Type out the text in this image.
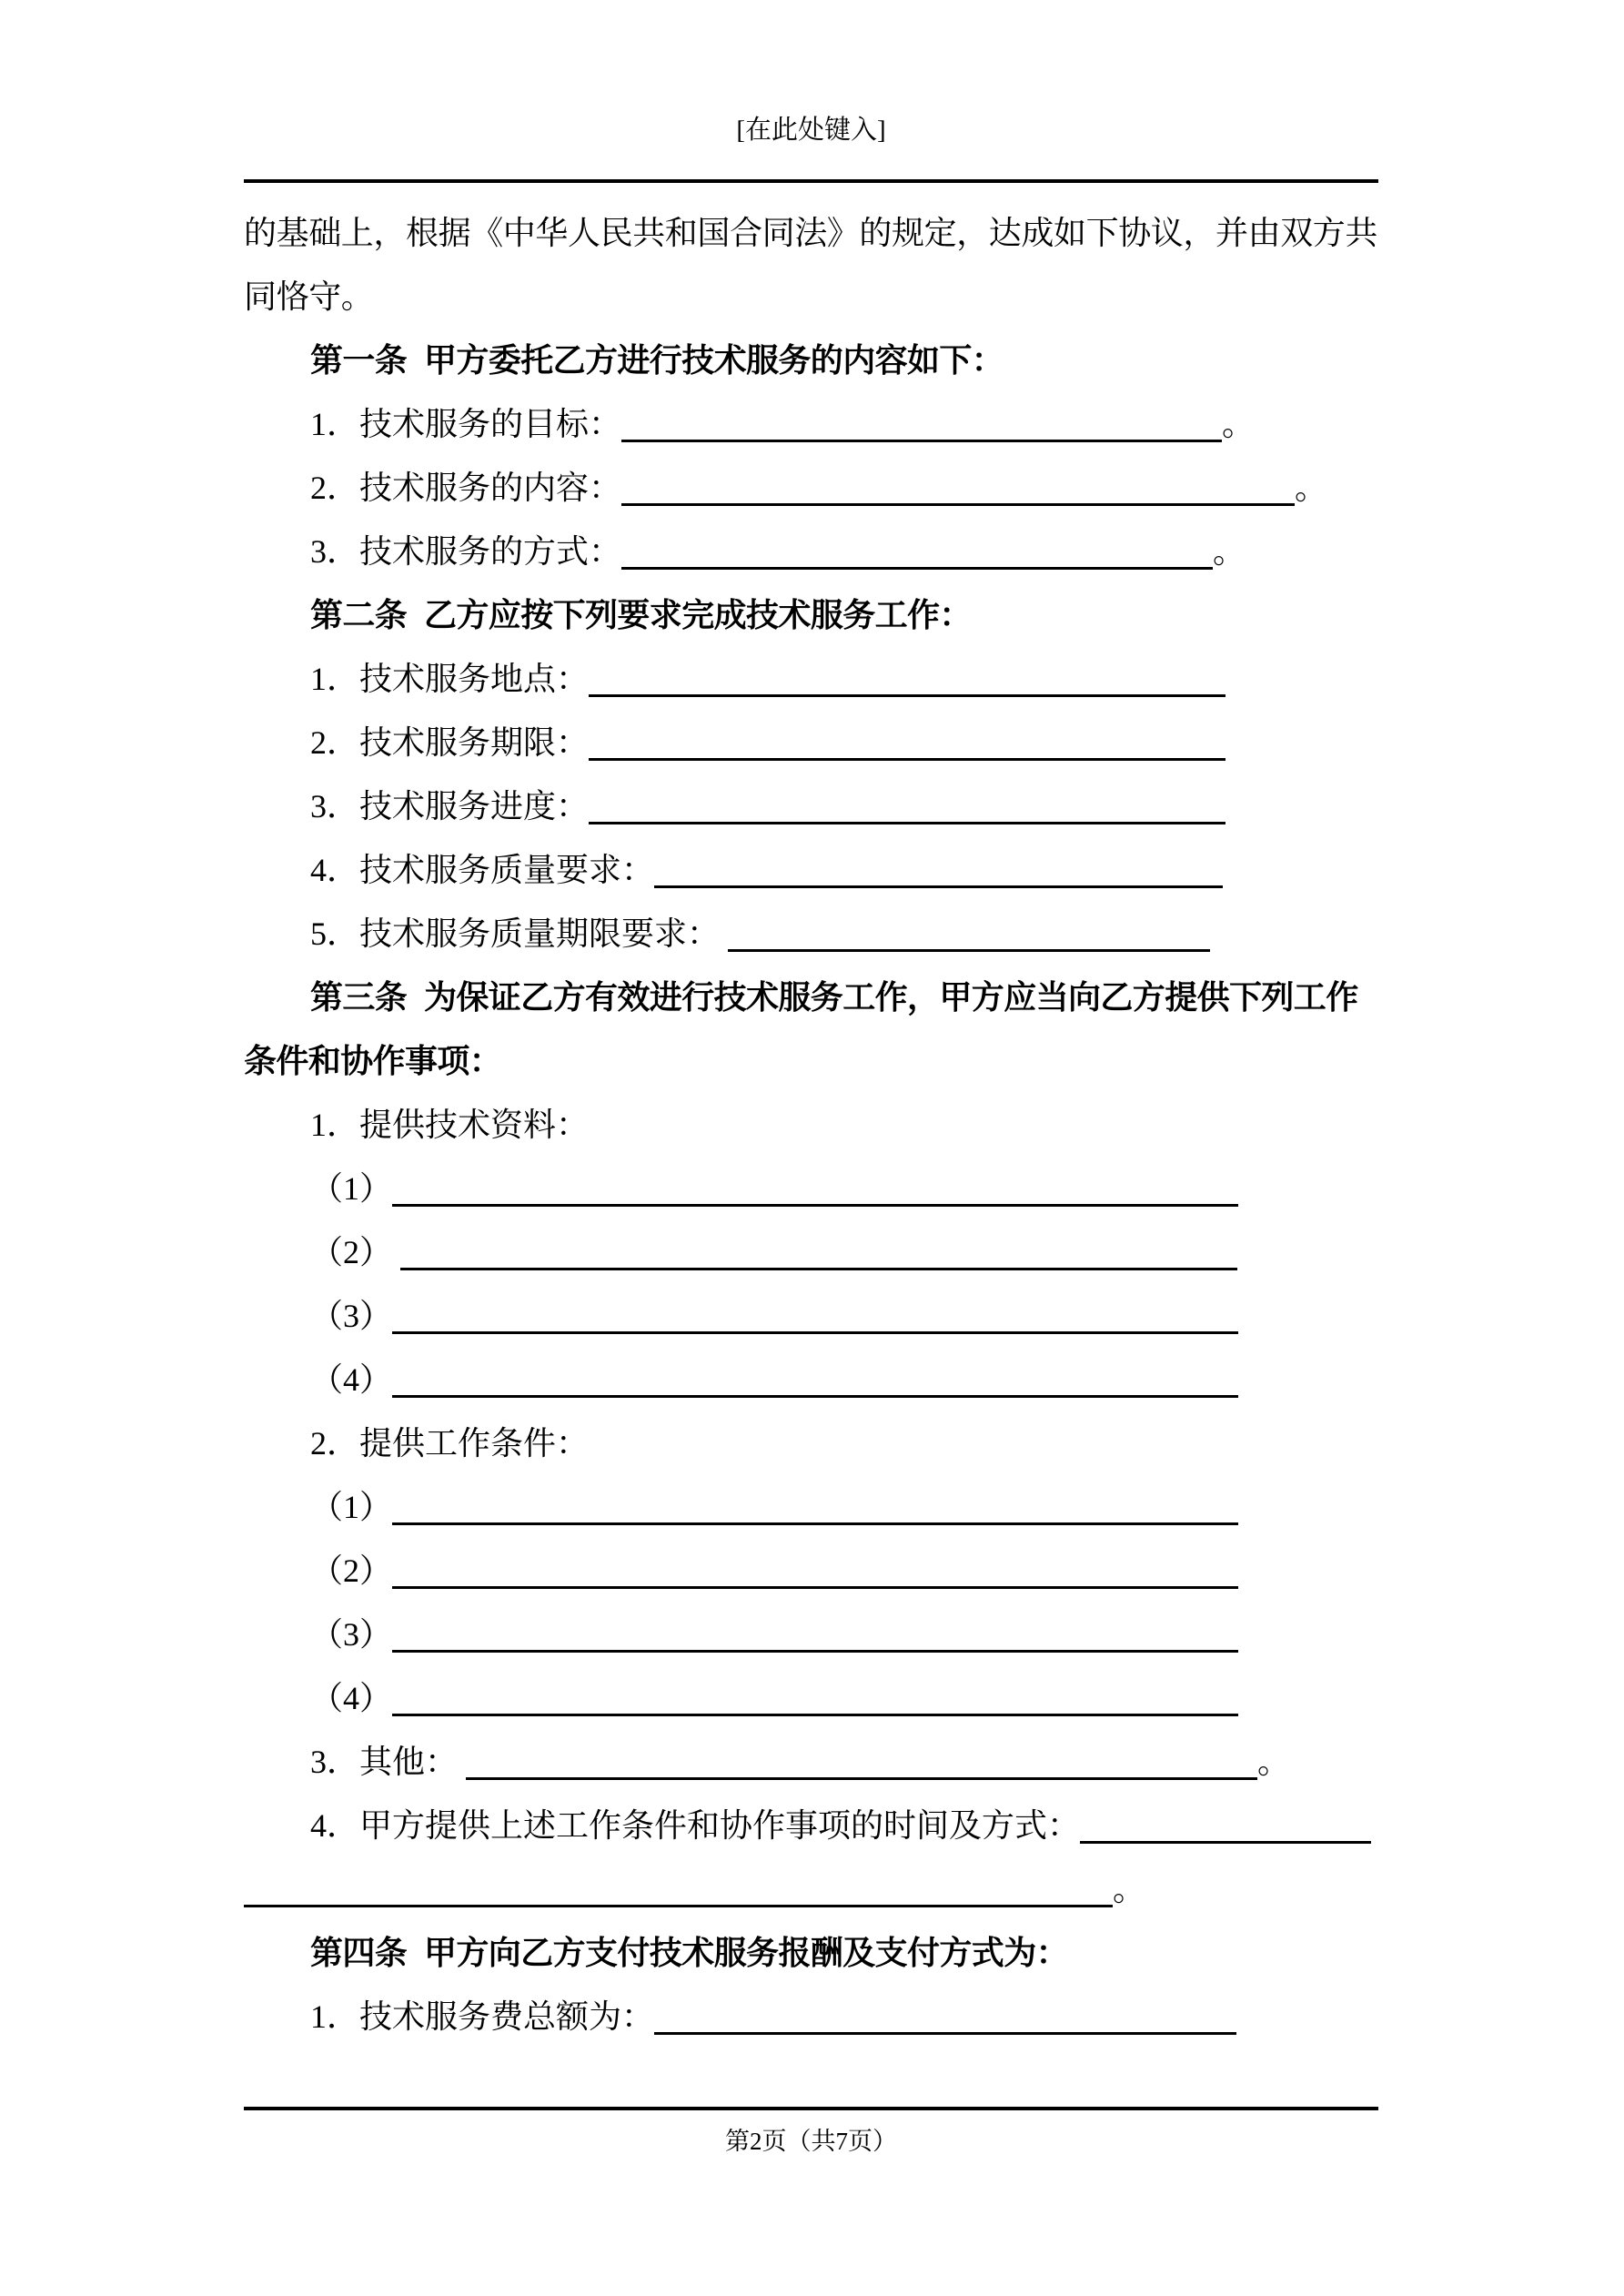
[在此处键入]
的基础上，根据《中华人民共和国合同法》的规定，达成如下协议，并由双方共
同恪守。
第一条  甲方委托乙方进行技术服务的内容如下：
1．技术服务的目标：	。
2．技术服务的内容：	。
3．技术服务的方式：	。
第二条  乙方应按下列要求完成技术服务工作：
1．技术服务地点：
2．技术服务期限：
3．技术服务进度：
4．技术服务质量要求：
5．技术服务质量期限要求：
第三条  为保证乙方有效进行技术服务工作，甲方应当向乙方提供下列工作
条件和协作事项：
1．提供技术资料：
（1）
（2）
（3）
（4）
2．提供工作条件：
（1）
（2）
（3）
（4）
3．其他：	。
4．甲方提供上述工作条件和协作事项的时间及方式：
。
第四条  甲方向乙方支付技术服务报酬及支付方式为：
1．技术服务费总额为：
第2页（共7页）
